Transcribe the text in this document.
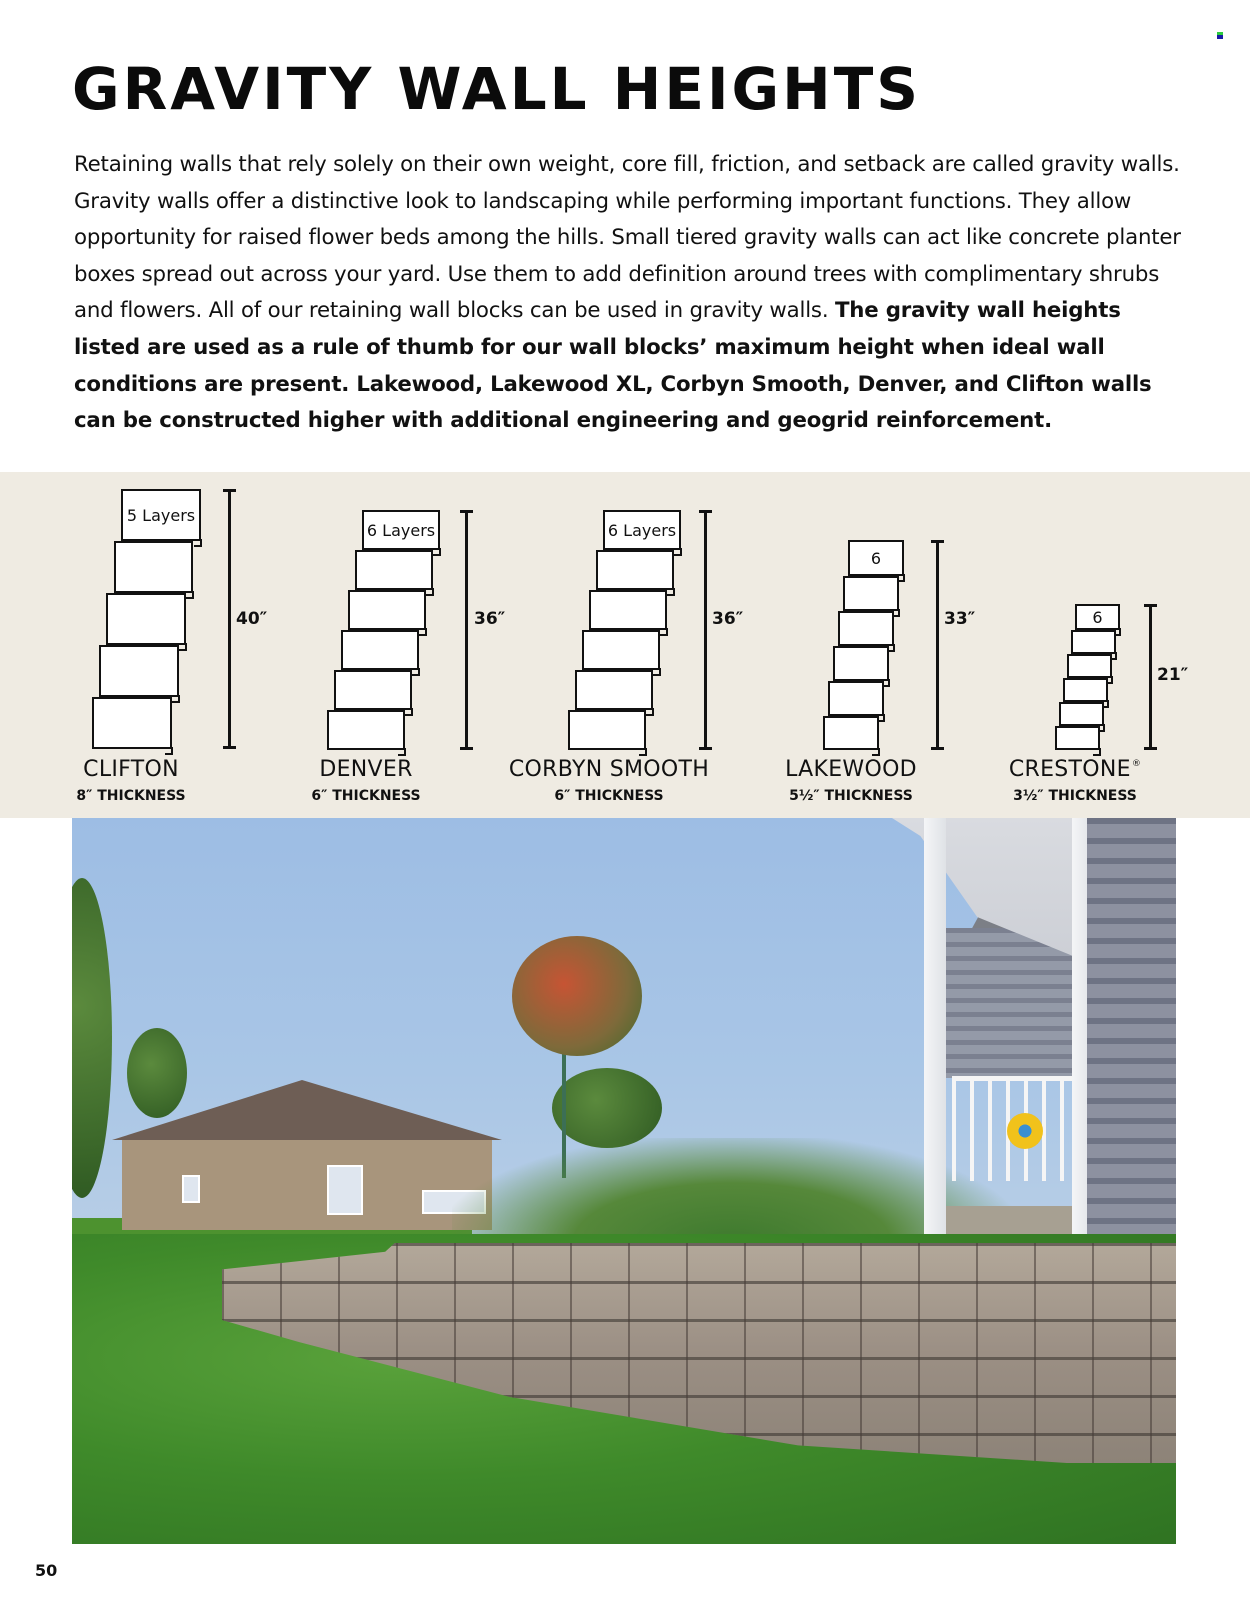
GRAVITY WALL HEIGHTS

Retaining walls that rely solely on their own weight, core fill, friction, and setback are called gravity walls. Gravity walls offer a distinctive look to landscaping while performing important functions. They allow opportunity for raised flower beds among the hills. Small tiered gravity walls can act like concrete planter boxes spread out across your yard. Use them to add definition around trees with complimentary shrubs and flowers. All of our retaining wall blocks can be used in gravity walls. The gravity wall heights listed are used as a rule of thumb for our wall blocks’ maximum height when ideal wall conditions are present. Lakewood, Lakewood XL, Corbyn Smooth, Denver, and Clifton walls can be constructed higher with additional engineering and geogrid reinforcement.

5 Layers
40″
CLIFTON
8″ THICKNESS
6 Layers
36″
DENVER
6″ THICKNESS
6 Layers
36″
CORBYN SMOOTH
6″ THICKNESS
6
33″
LAKEWOOD
5½″ THICKNESS
6
21″
CRESTONE®
3½″ THICKNESS
50
